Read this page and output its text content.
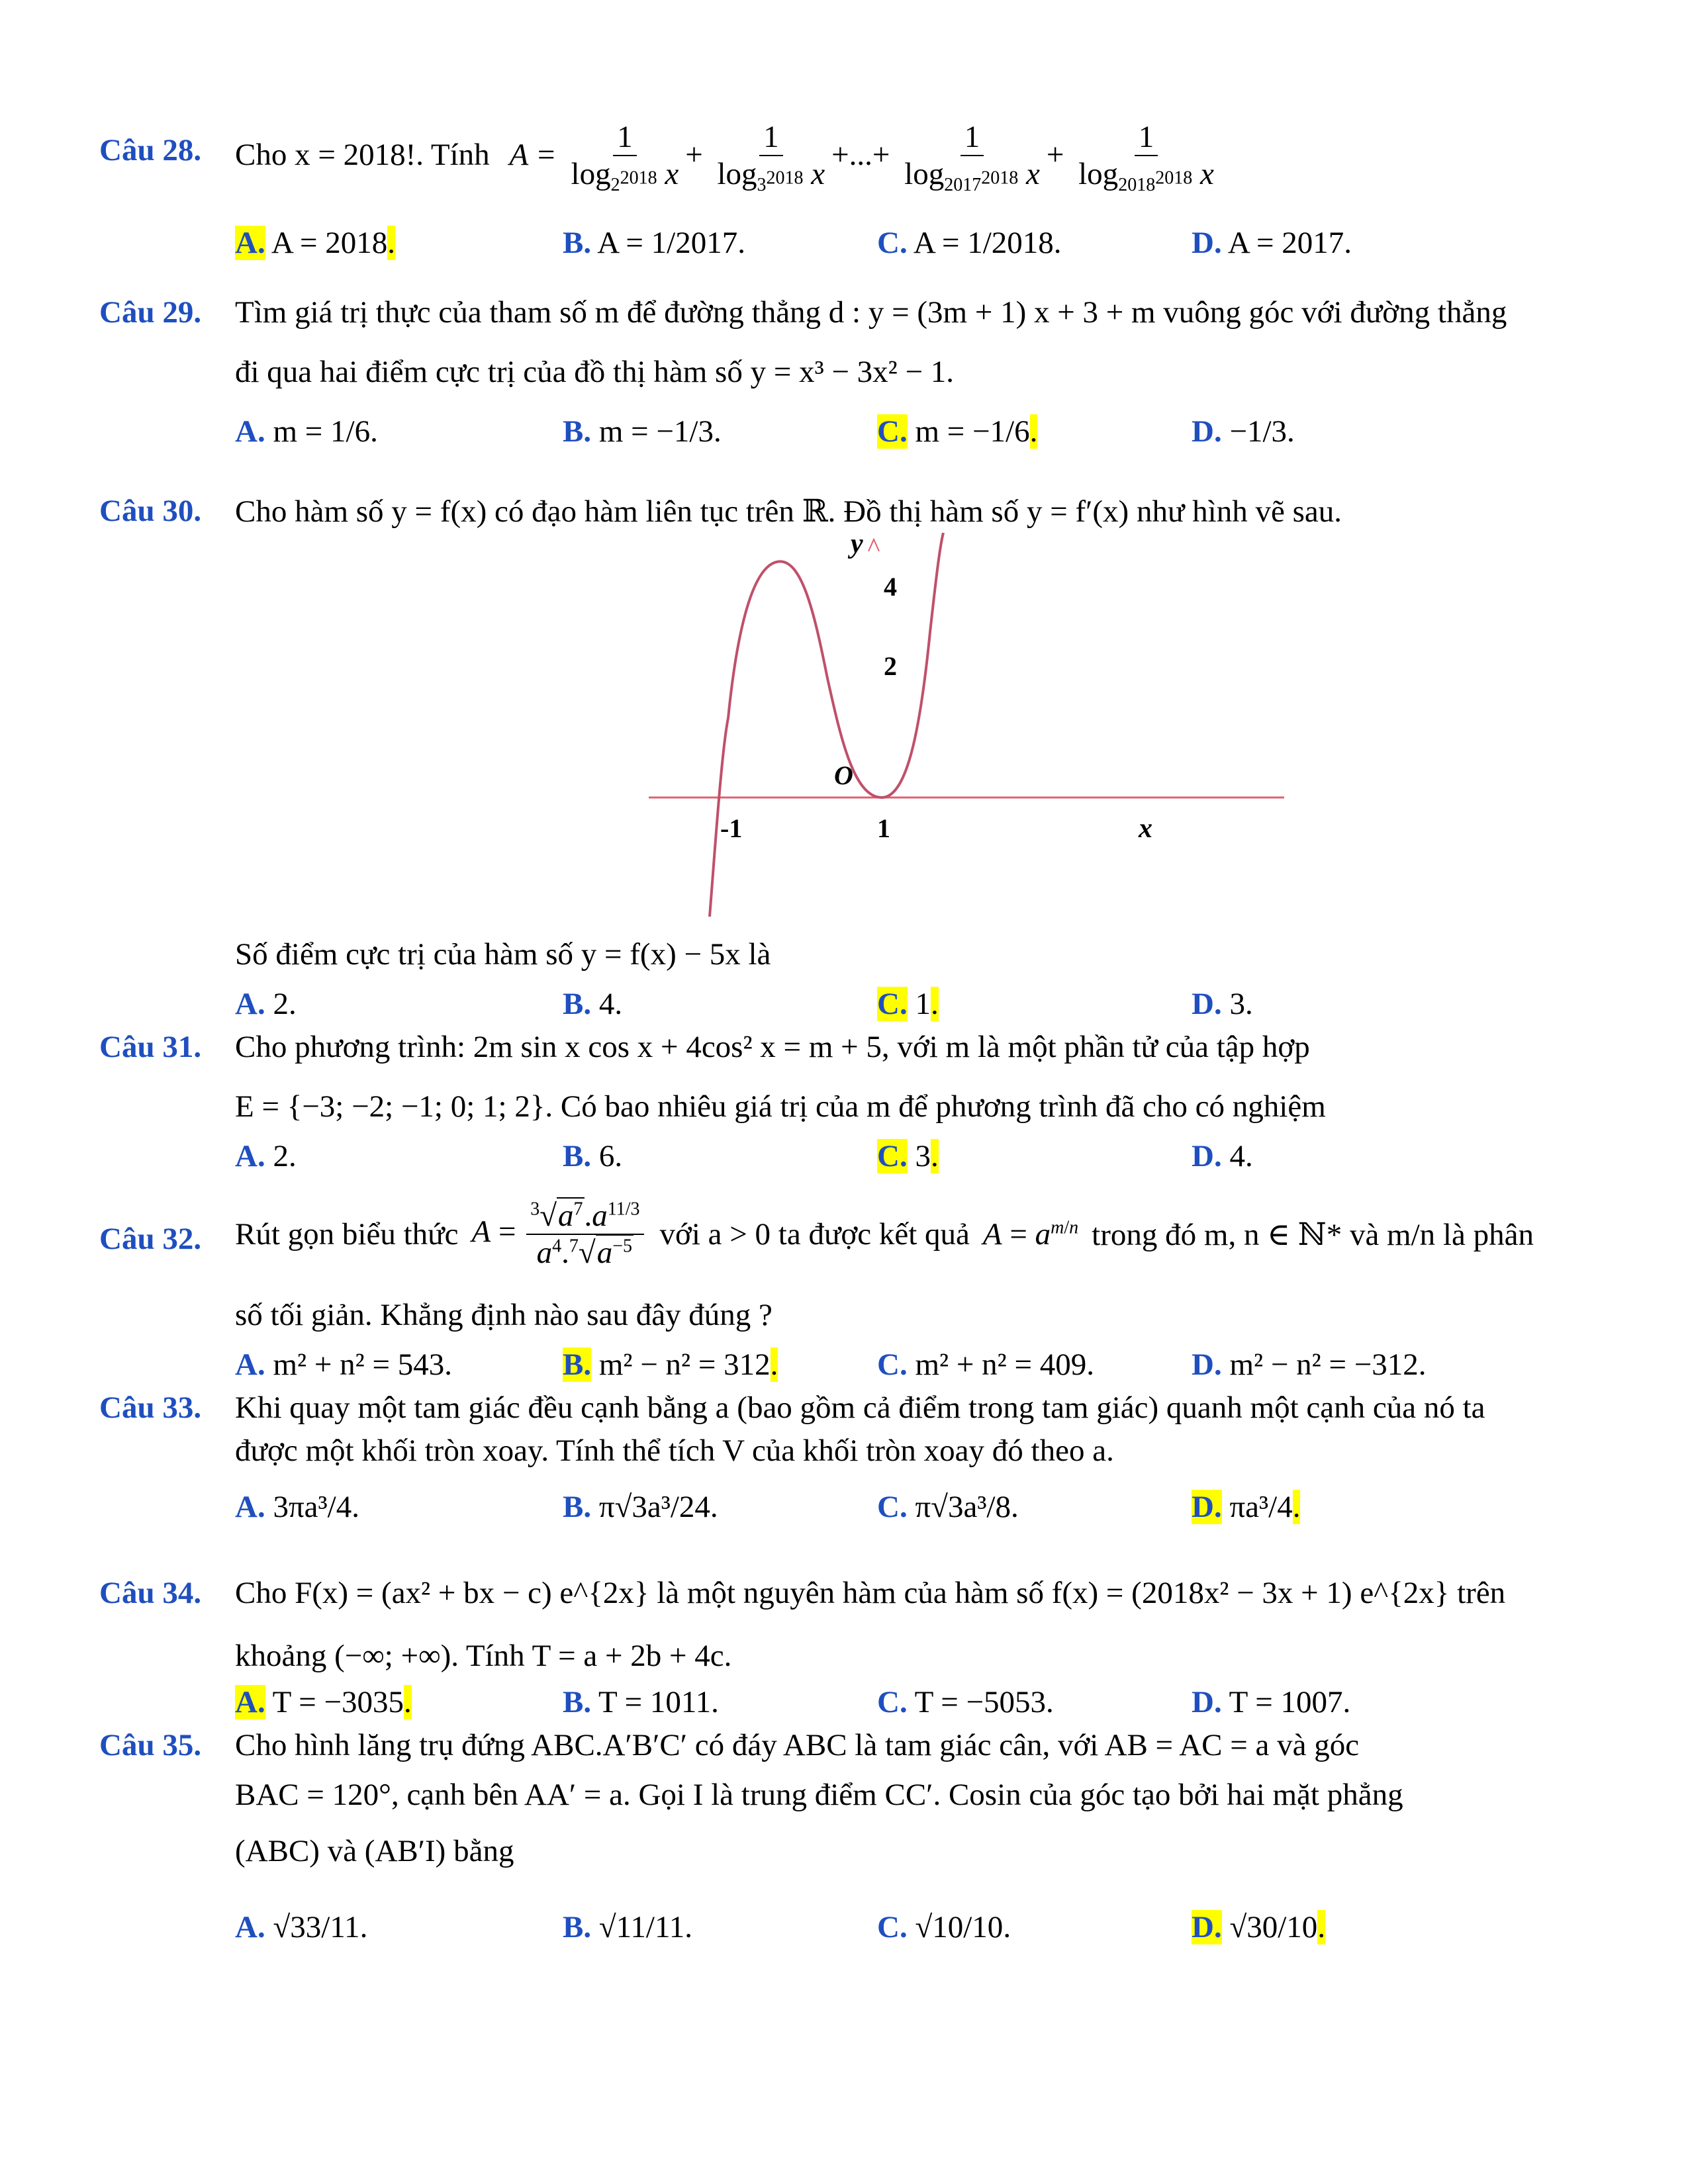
Câu 28. Cho x = 2018!. Tính $A = \frac{1}{\log_{2^{2018}} x} + \frac{1}{\log_{3^{2018}} x}$ +...+ $\frac{1}{\log_{2017^{2018}} x} + \frac{1}{\log_{2018^{2018}} x}$
A. A = 2018.	B. A = 1/2017.	C. A = 1/2018.	D. A = 2017.
Câu 29. Tìm giá trị thực của tham số m để đường thẳng d : y = (3m + 1) x + 3 + m vuông góc với đường thẳng
đi qua hai điểm cực trị của đồ thị hàm số y = x³ − 3x² − 1.
A. m = 1/6.	B. m = −1/3.	C. m = −1/6.	D. −1/3.
Câu 30. Cho hàm số y = f(x) có đạo hàm liên tục trên ℝ. Đồ thị hàm số y = f′(x) như hình vẽ sau.
y
4
2
O
-1	1	x
Số điểm cực trị của hàm số y = f(x) − 5x là
A. 2.	B. 4.	C. 1.	D. 3.
Câu 31. Cho phương trình: 2m sin x cos x + 4cos² x = m + 5, với m là một phần tử của tập hợp
E = {−3; −2; −1; 0; 1; 2}. Có bao nhiêu giá trị của m để phương trình đã cho có nghiệm
A. 2.	B. 6.	C. 3.	D. 4.
Câu 32. Rút gọn biểu thức $A = \frac{^3√a^7.a^{11/3}}{a^4.^7√a^{-5}}$ với a > 0 ta được kết quả $A = a^{m/n}$ trong đó m, n ∈ ℕ* và m/n là phân
số tối giản. Khẳng định nào sau đây đúng ?
A. m² + n² = 543.	B. m² − n² = 312.	C. m² + n² = 409.	D. m² − n² = −312.
Câu 33. Khi quay một tam giác đều cạnh bằng a (bao gồm cả điểm trong tam giác) quanh một cạnh của nó ta
được một khối tròn xoay. Tính thể tích V của khối tròn xoay đó theo a.
A. 3πa³/4.	B. π√3a³/24.	C. π√3a³/8.	D. πa³/4.
Câu 34. Cho F(x) = (ax² + bx − c) e^{2x} là một nguyên hàm của hàm số f(x) = (2018x² − 3x + 1) e^{2x} trên
khoảng (−∞; +∞). Tính T = a + 2b + 4c.
A. T = −3035.	B. T = 1011.	C. T = −5053.	D. T = 1007.
Câu 35. Cho hình lăng trụ đứng ABC.A′B′C′ có đáy ABC là tam giác cân, với AB = AC = a và góc
BAC = 120°, cạnh bên AA′ = a. Gọi I là trung điểm CC′. Cosin của góc tạo bởi hai mặt phẳng
(ABC) và (AB′I) bằng
A. √33/11.	B. √11/11.	C. √10/10.	D. √30/10.
